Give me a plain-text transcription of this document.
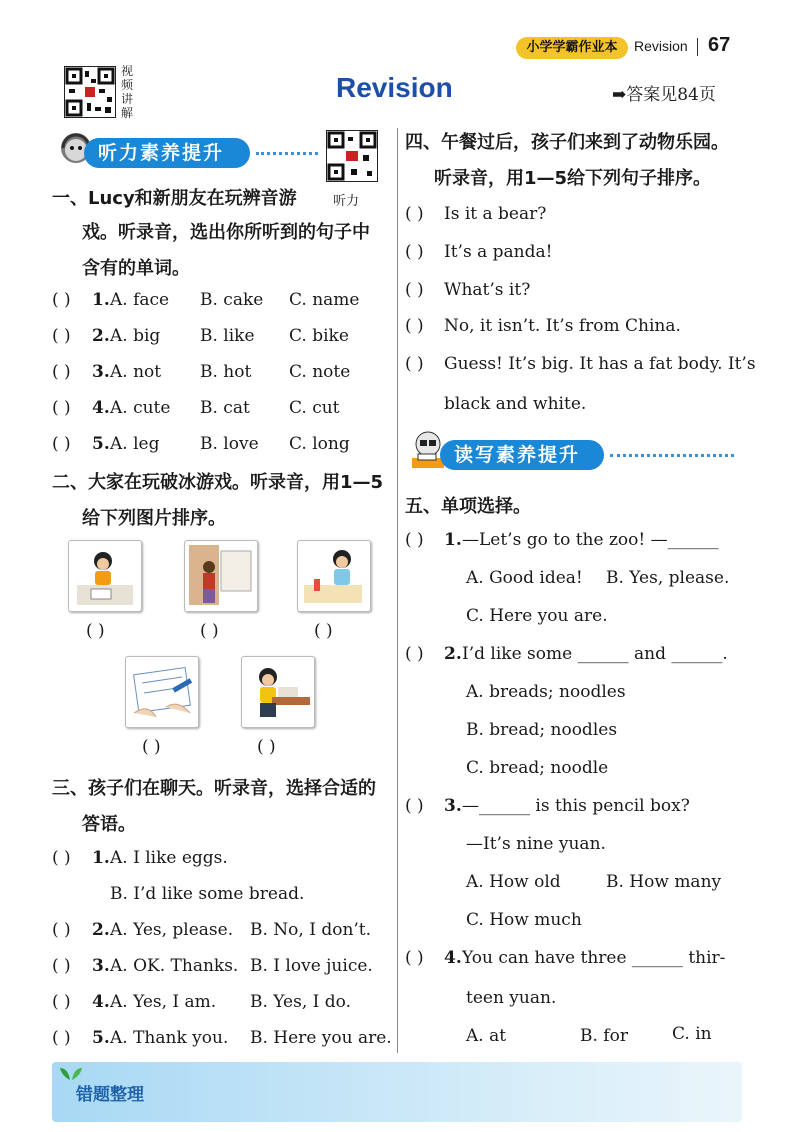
小学学霸作业本	Revision 67
视
频
讲
解
Revision	➡答案见84页
听力素养提升
听力
一、Lucy和新朋友在玩辨音游
戏。听录音，选出你所听到的句子中
含有的单词。
( ) 1. A. face B. cake C. name
( ) 2. A. big B. like C. bike
( ) 3. A. not B. hot C. note
( ) 4. A. cute B. cat C. cut
( ) 5. A. leg B. love C. long
二、大家在玩破冰游戏。听录音，用1—5
给下列图片排序。
( )	( )	( )
( )	( )
三、孩子们在聊天。听录音，选择合适的
答语。
( ) 1. A. I like eggs.
B. I’d like some bread.
( ) 2. A. Yes, please. B. No, I don’t.
( ) 3. A. OK. Thanks. B. I love juice.
( ) 4. A. Yes, I am. B. Yes, I do.
( ) 5. A. Thank you. B. Here you are.
四、午餐过后，孩子们来到了动物乐园。
听录音，用1—5给下列句子排序。
( ) Is it a bear?
( ) It’s a panda!
( ) What’s it?
( ) No, it isn’t. It’s from China.
( ) Guess! It’s big. It has a fat body. It’s
black and white.
读写素养提升
五、单项选择。
( ) 1. —Let’s go to the zoo! —______
A. Good idea! B. Yes, please.
C. Here you are.
( ) 2. I’d like some ______ and ______.
A. breads; noodles
B. bread; noodles
C. bread; noodle
( ) 3. —______ is this pencil box?
—It’s nine yuan.
A. How old	B. How many
C. How much
( ) 4. You can have three ______ thir-
teen yuan.
A. at	B. for	C. in
错题整理
